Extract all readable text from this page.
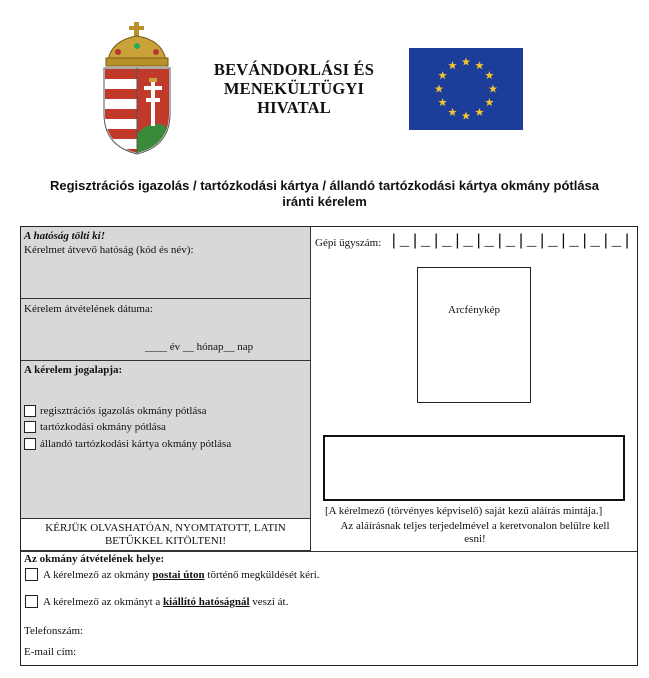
BEVÁNDORLÁSI ÉS
MENEKÜLTÜGYI
HIVATAL
Regisztrációs igazolás / tartózkodási kártya / állandó tartózkodási kártya okmány pótlása
iránti kérelem
A hatóság tölti ki!
Kérelmet átvevő hatóság (kód és név):
Kérelem átvételének dátuma:
____ év __ hónap__ nap
A kérelem jogalapja:
regisztrációs igazolás okmány pótlása
tartózkodási okmány pótlása
állandó tartózkodási kártya okmány pótlása
KÉRJÜK OLVASHATÓAN, NYOMTATOTT, LATIN
BETŰKKEL KITÖLTENI!
Gépi ügyszám: |_|_|_|_|_|_|_|_|_|_|_|
Arcfénykép
[A kérelmező (törvényes képviselő) saját kezű aláírás mintája.]
Az aláírásnak teljes terjedelmével a keretvonalon belülre kell
esni!
Az okmány átvételének helye:
A kérelmező az okmány postai úton történő megküldését kéri.
A kérelmező az okmányt a kiállító hatóságnál veszi át.
Telefonszám:
E-mail cím:
